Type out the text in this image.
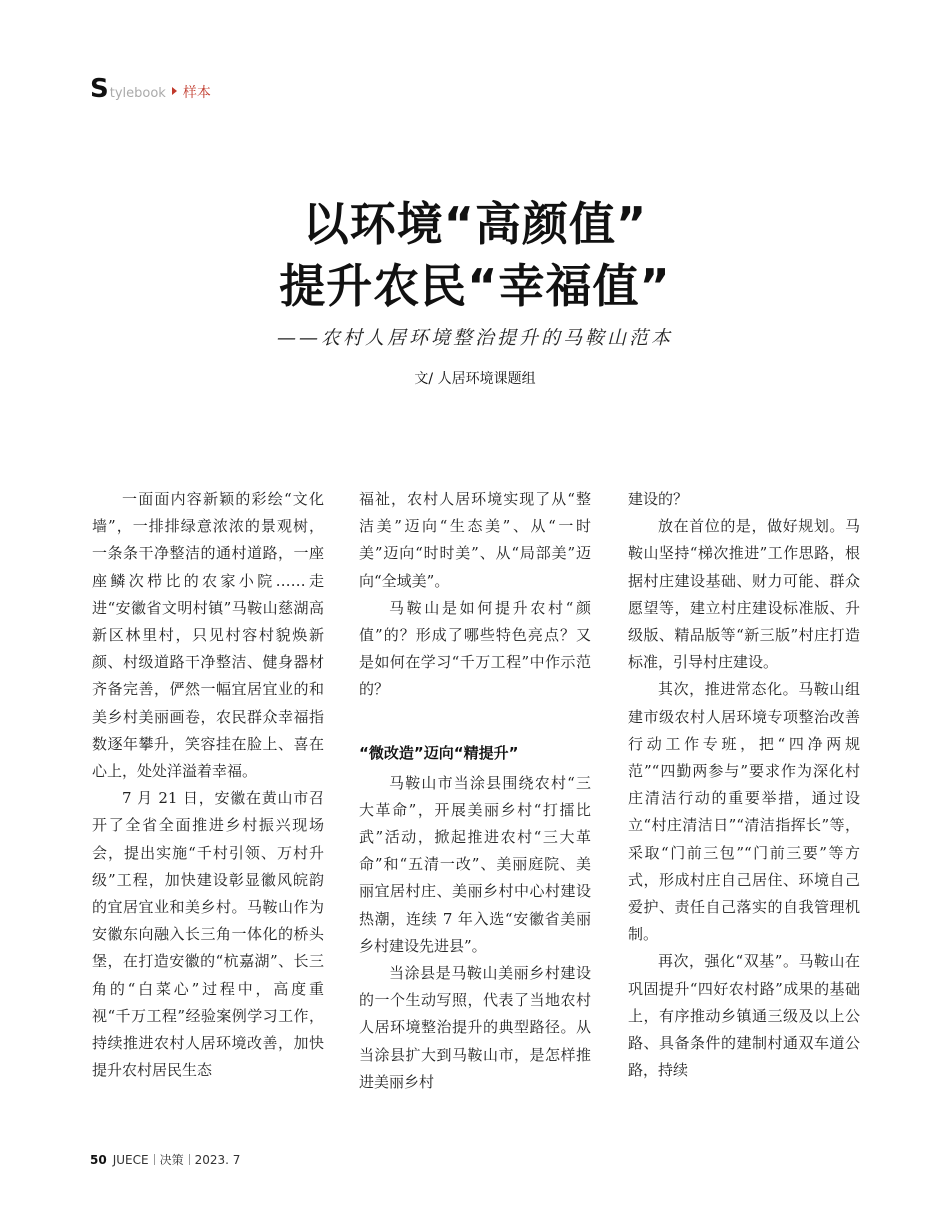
S tylebook 样本
以环境“高颜值”
提升农民“幸福值”
——农村人居环境整治提升的马鞍山范本
文/ 人居环境课题组

一面面内容新颖的彩绘“文化墙”，一排排绿意浓浓的景观树，一条条干净整洁的通村道路，一座座鳞次栉比的农家小院……走进“安徽省文明村镇”马鞍山慈湖高新区林里村，只见村容村貌焕新颜、村级道路干净整洁、健身器材齐备完善，俨然一幅宜居宜业的和美乡村美丽画卷，农民群众幸福指数逐年攀升，笑容挂在脸上、喜在心上，处处洋溢着幸福。

7 月 21 日，安徽在黄山市召开了全省全面推进乡村振兴现场会，提出实施“千村引领、万村升级”工程，加快建设彰显徽风皖韵的宜居宜业和美乡村。马鞍山作为安徽东向融入长三角一体化的桥头堡，在打造安徽的“杭嘉湖”、长三角的“白菜心”过程中，高度重视“千万工程”经验案例学习工作，持续推进农村人居环境改善，加快提升农村居民生态

福祉，农村人居环境实现了从“整洁美”迈向“生态美”、从“一时美”迈向“时时美”、从“局部美”迈向“全域美”。

马鞍山是如何提升农村“颜值”的？形成了哪些特色亮点？又是如何在学习“千万工程”中作示范的？

“微改造”迈向“精提升”

马鞍山市当涂县围绕农村“三大革命”，开展美丽乡村“打擂比武”活动，掀起推进农村“三大革命”和“五清一改”、美丽庭院、美丽宜居村庄、美丽乡村中心村建设热潮，连续 7 年入选“安徽省美丽乡村建设先进县”。

当涂县是马鞍山美丽乡村建设的一个生动写照，代表了当地农村人居环境整治提升的典型路径。从当涂县扩大到马鞍山市，是怎样推进美丽乡村

建设的？

放在首位的是，做好规划。马鞍山坚持“梯次推进”工作思路，根据村庄建设基础、财力可能、群众愿望等，建立村庄建设标准版、升级版、精品版等“新三版”村庄打造标准，引导村庄建设。

其次，推进常态化。马鞍山组建市级农村人居环境专项整治改善行动工作专班，把“四净两规范”“四勤两参与”要求作为深化村庄清洁行动的重要举措，通过设立“村庄清洁日”“清洁指挥长”等，采取“门前三包”“门前三要”等方式，形成村庄自己居住、环境自己爱护、责任自己落实的自我管理机制。

再次，强化“双基”。马鞍山在巩固提升“四好农村路”成果的基础上，有序推动乡镇通三级及以上公路、具备条件的建制村通双车道公路，持续

50 JUECE 决策 2023. 7
